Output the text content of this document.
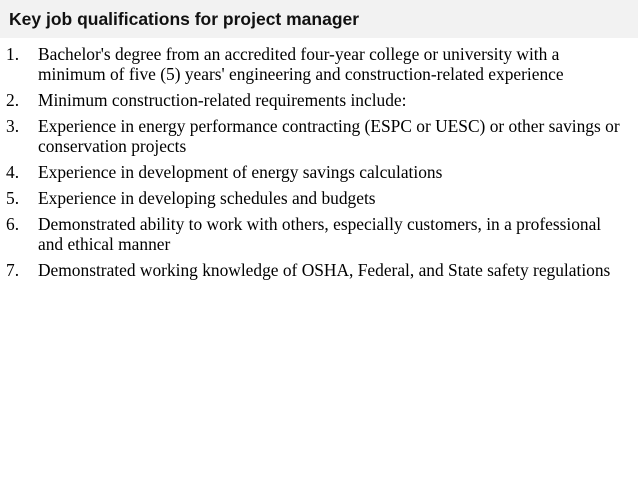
Key job qualifications for project manager
1.	Bachelor's degree from an accredited four-year college or university with a minimum of five (5) years' engineering and construction-related experience
2.	Minimum construction-related requirements include:
3.	Experience in energy performance contracting (ESPC or UESC) or other savings or conservation projects
4.	Experience in development of energy savings calculations
5.	Experience in developing schedules and budgets
6.	Demonstrated ability to work with others, especially customers, in a professional and ethical manner
7.	Demonstrated working knowledge of OSHA, Federal, and State safety regulations
